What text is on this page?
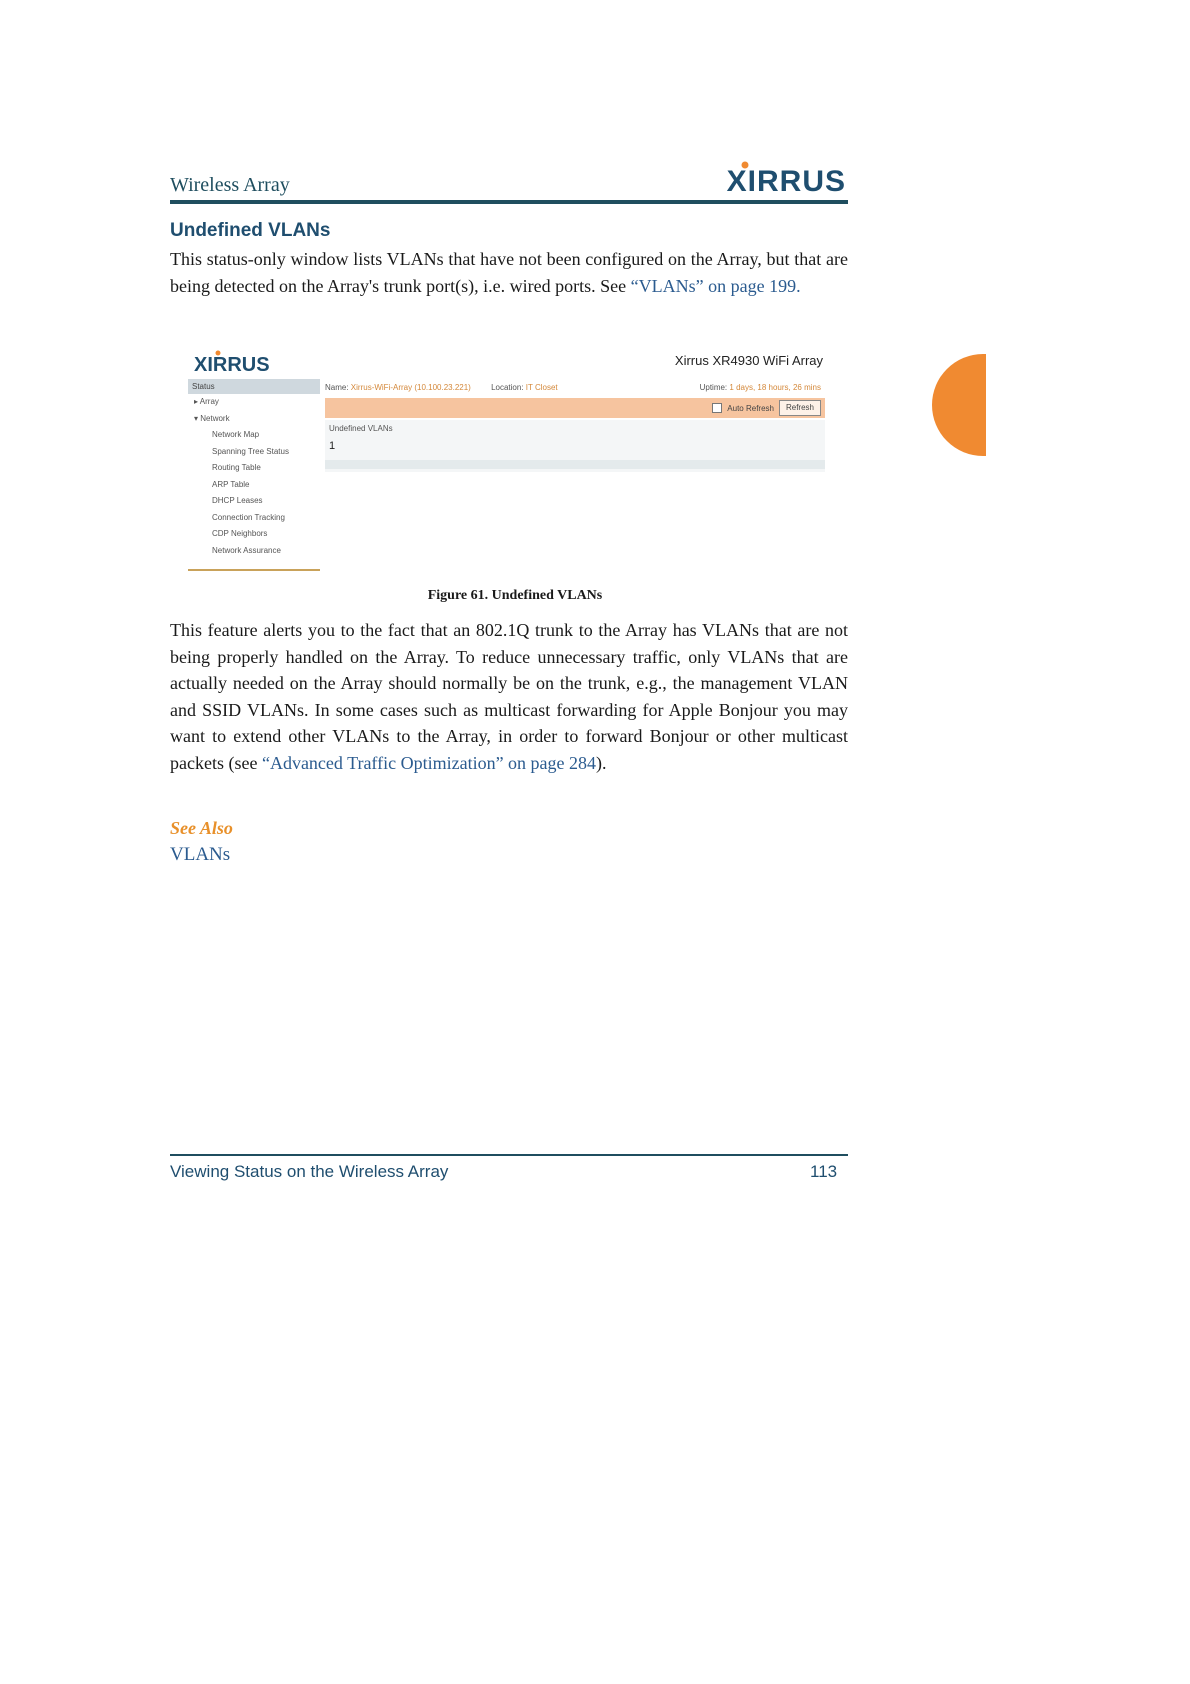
Wireless Array	XIRRUS
Undefined VLANs
This status-only window lists VLANs that have not been configured on the Array, but that are being detected on the Array's trunk port(s), i.e. wired ports. See “VLANs” on page 199.
XIRRUS	Xirrus XR4930 WiFi Array
Status
▸ Array
▾ Network
Network Map
Spanning Tree Status
Routing Table
ARP Table
DHCP Leases
Connection Tracking
CDP Neighbors
Network Assurance
Name: Xirrus-WiFi-Array (10.100.23.221)	Location: IT Closet	Uptime: 1 days, 18 hours, 26 mins
Auto Refresh	Refresh
Undefined VLANs
1
Figure 61. Undefined VLANs
This feature alerts you to the fact that an 802.1Q trunk to the Array has VLANs that are not being properly handled on the Array. To reduce unnecessary traffic, only VLANs that are actually needed on the Array should normally be on the trunk, e.g., the management VLAN and SSID VLANs. In some cases such as multicast forwarding for Apple Bonjour you may want to extend other VLANs to the Array, in order to forward Bonjour or other multicast packets (see “Advanced Traffic Optimization” on page 284).
See Also
VLANs
Viewing Status on the Wireless Array	113
